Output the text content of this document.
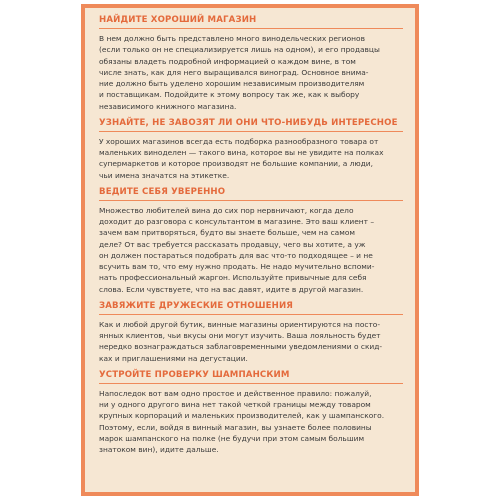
НАЙДИТЕ ХОРОШИЙ МАГАЗИН

В нем должно быть представлено много винодельческих регионов
(если только он не специализируется лишь на одном), и его продавцы
обязаны владеть подробной информацией о каждом вине, в том
числе знать, как для него выращивался виноград. Основное внима-
ние должно быть уделено хорошим независимым производителям
и поставщикам. Подойдите к этому вопросу так же, как к выбору
независимого книжного магазина.

УЗНАЙТЕ, НЕ ЗАВОЗЯТ ЛИ ОНИ ЧТО-НИБУДЬ ИНТЕРЕСНОЕ

У хороших магазинов всегда есть подборка разнообразного товара от
маленьких виноделен — такого вина, которое вы не увидите на полках
супермаркетов и которое производят не большие компании, а люди,
чьи имена значатся на этикетке.

ВЕДИТЕ СЕБЯ УВЕРЕННО

Множество любителей вина до сих пор нервничают, когда дело
доходит до разговора с консультантом в магазине. Это ваш клиент –
зачем вам притворяться, будто вы знаете больше, чем на самом
деле? От вас требуется рассказать продавцу, чего вы хотите, а уж
он должен постараться подобрать для вас что-то подходящее – и не
всучить вам то, что ему нужно продать. Не надо мучительно вспоми-
нать профессиональный жаргон. Используйте привычные для себя
слова. Если чувствуете, что на вас давят, идите в другой магазин.

ЗАВЯЖИТЕ ДРУЖЕСКИЕ ОТНОШЕНИЯ

Как и любой другой бутик, винные магазины ориентируются на посто-
янных клиентов, чьи вкусы они могут изучить. Ваша лояльность будет
нередко вознаграждаться заблаговременными уведомлениями о скид-
ках и приглашениями на дегустации.

УСТРОЙТЕ ПРОВЕРКУ ШАМПАНСКИМ

Напоследок вот вам одно простое и действенное правило: пожалуй,
ни у одного другого вина нет такой четкой границы между товаром
крупных корпораций и маленьких производителей, как у шампанского.
Поэтому, если, войдя в винный магазин, вы узнаете более половины
марок шампанского на полке (не будучи при этом самым большим
знатоком вин), идите дальше.
